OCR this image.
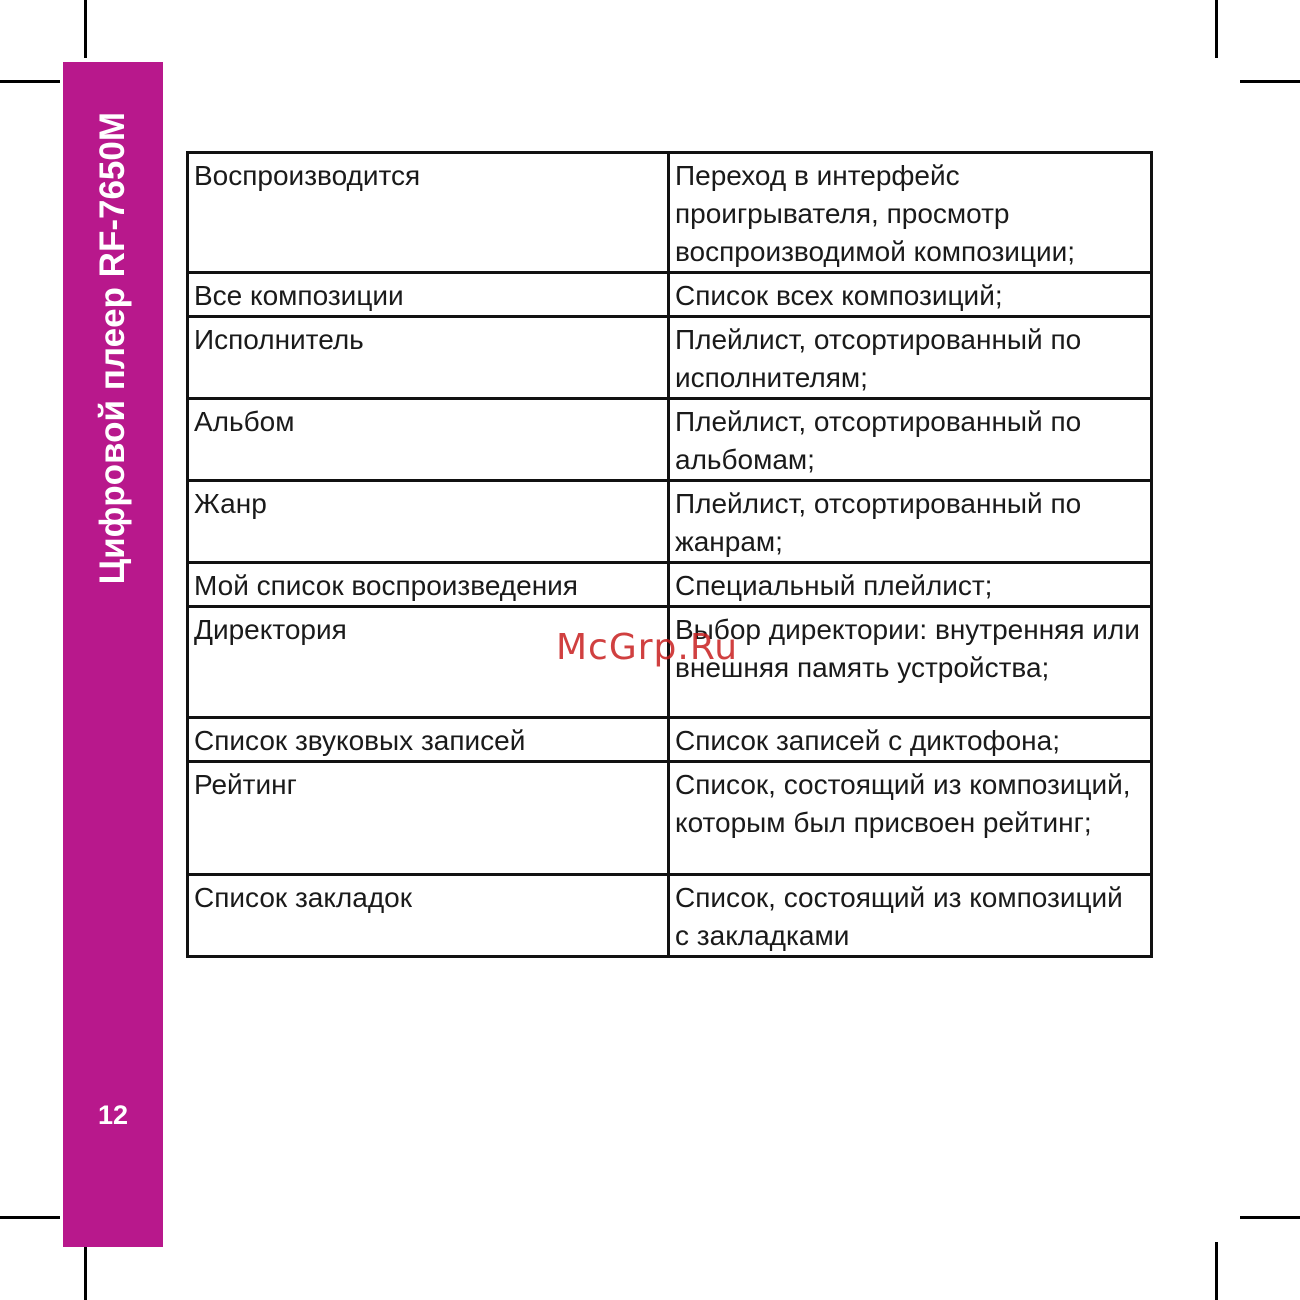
Цифровой плеер RF-7650M
12
Воспроизводится	Переход в интерфейс проигрывателя, просмотр воспроизводимой композиции;
Все композиции	Список всех композиций;
Исполнитель	Плейлист, отсортированный по исполнителям;
Альбом	Плейлист, отсортированный по альбомам;
Жанр	Плейлист, отсортированный по жанрам;
Мой список воспроизведения	Специальный плейлист;
Директория	Выбор директории: внутренняя или внешняя память устройства;
Список звуковых записей	Список записей с диктофона;
Рейтинг	Список, состоящий из композиций, которым был присвоен рейтинг;
Список закладок	Список, состоящий из композиций с закладками
McGrp.Ru
